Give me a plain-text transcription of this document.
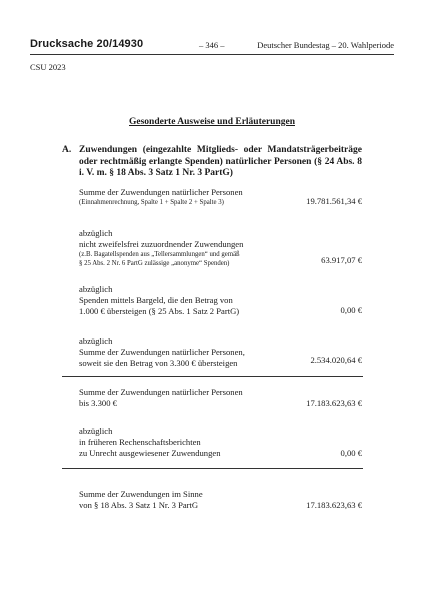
Drucksache 20/14930	– 346 –	Deutscher Bundestag – 20. Wahlperiode
CSU 2023
Gesonderte Ausweise und Erläuterungen
A. Zuwendungen (eingezahlte Mitglieds- oder Mandatsträgerbeiträge oder rechtmäßig erlangte Spenden) natürlicher Personen (§ 24 Abs. 8 i. V. m. § 18 Abs. 3 Satz 1 Nr. 3 PartG)
Summe der Zuwendungen natürlicher Personen
(Einnahmenrechnung, Spalte 1 + Spalte 2 + Spalte 3)	19.781.561,34 €
abzüglich
nicht zweifelsfrei zuzuordnender Zuwendungen
(z.B. Bagatellspenden aus „Tellersammlungen“ und gemäß
§ 25 Abs. 2 Nr. 6 PartG zulässige „anonyme“ Spenden)	63.917,07 €
abzüglich
Spenden mittels Bargeld, die den Betrag von
1.000 € übersteigen (§ 25 Abs. 1 Satz 2 PartG)	0,00 €
abzüglich
Summe der Zuwendungen natürlicher Personen,
soweit sie den Betrag von 3.300 € übersteigen	2.534.020,64 €
Summe der Zuwendungen natürlicher Personen
bis 3.300 €	17.183.623,63 €
abzüglich
in früheren Rechenschaftsberichten
zu Unrecht ausgewiesener Zuwendungen	0,00 €
Summe der Zuwendungen im Sinne
von § 18 Abs. 3 Satz 1 Nr. 3 PartG	17.183.623,63 €
